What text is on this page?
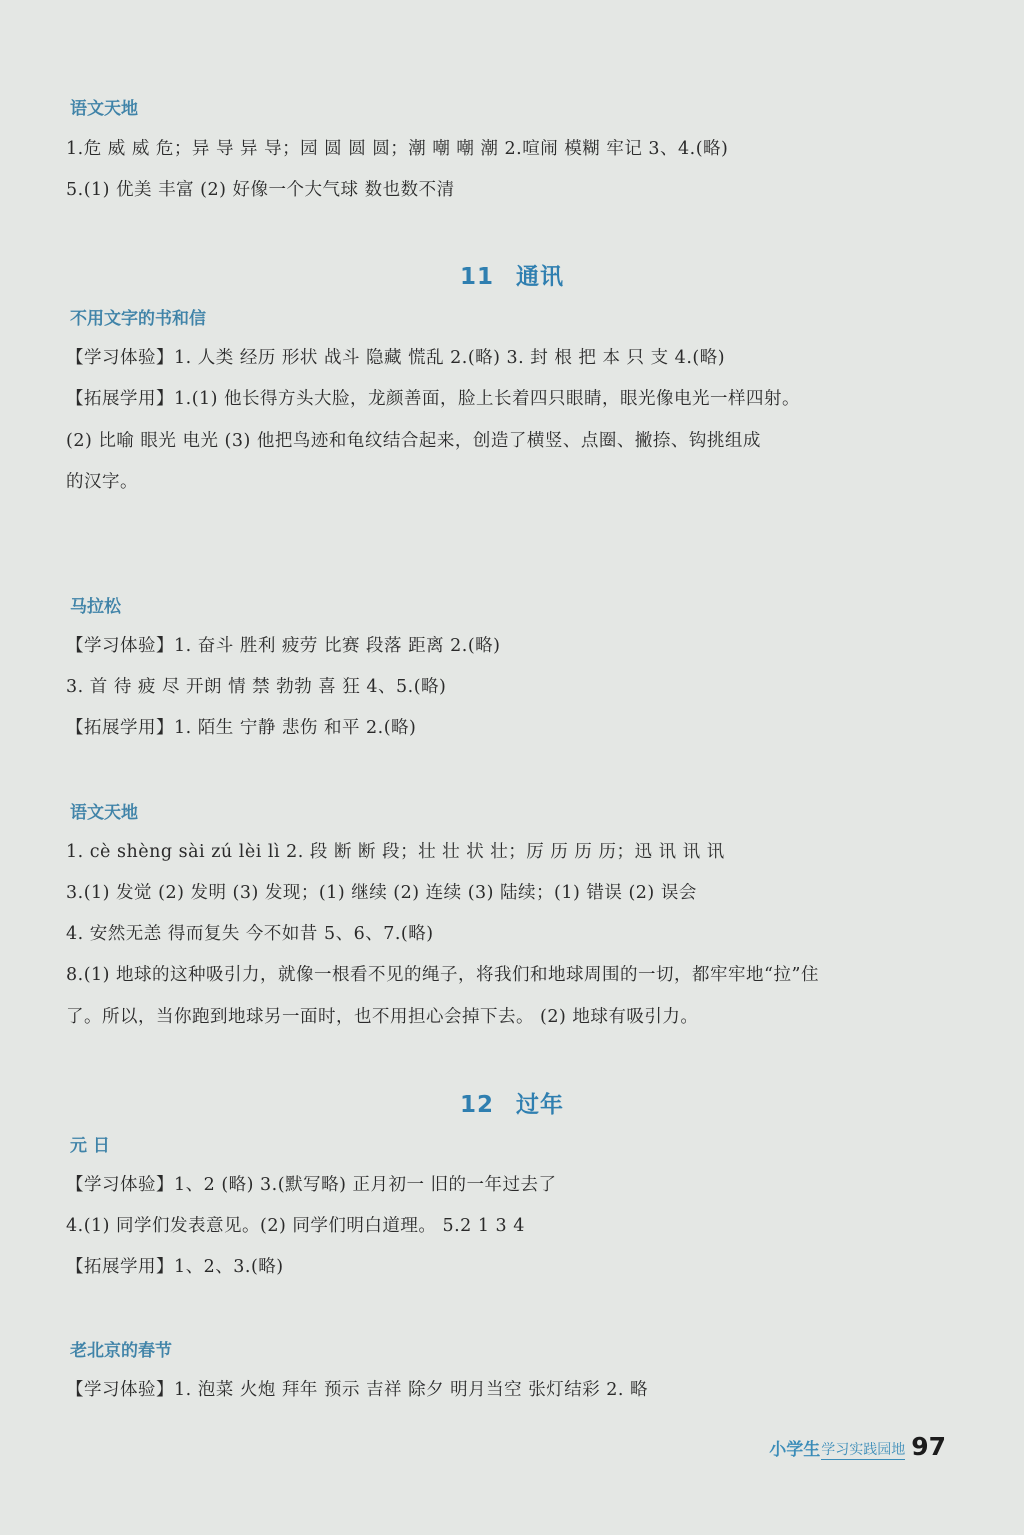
语文天地
1.危 威 威 危；异 导 异 导；园 圆 圆 圆；潮 嘲 嘲 潮 2.喧闹 模糊 牢记 3、4.(略)
5.(1) 优美 丰富 (2) 好像一个大气球 数也数不清
11 通讯
不用文字的书和信
【学习体验】1. 人类 经历 形状 战斗 隐藏 慌乱 2.(略) 3. 封 根 把 本 只 支 4.(略)
【拓展学用】1.(1) 他长得方头大脸，龙颜善面，脸上长着四只眼睛，眼光像电光一样四射。
(2) 比喻 眼光 电光 (3) 他把鸟迹和龟纹结合起来，创造了横竖、点圈、撇捺、钩挑组成
的汉字。
马拉松
【学习体验】1. 奋斗 胜利 疲劳 比赛 段落 距离 2.(略)
3. 首 待 疲 尽 开朗 情 禁 勃勃 喜 狂 4、5.(略)
【拓展学用】1. 陌生 宁静 悲伤 和平 2.(略)
语文天地
1. cè shèng sài zú lèi lì 2. 段 断 断 段；壮 壮 状 壮；厉 历 历 历；迅 讯 讯 讯
3.(1) 发觉 (2) 发明 (3) 发现；(1) 继续 (2) 连续 (3) 陆续；(1) 错误 (2) 误会
4. 安然无恙 得而复失 今不如昔 5、6、7.(略)
8.(1) 地球的这种吸引力，就像一根看不见的绳子，将我们和地球周围的一切，都牢牢地“拉”住
了。所以，当你跑到地球另一面时，也不用担心会掉下去。 (2) 地球有吸引力。
12 过年
元 日
【学习体验】1、2 (略) 3.(默写略) 正月初一 旧的一年过去了
4.(1) 同学们发表意见。(2) 同学们明白道理。 5.2 1 3 4
【拓展学用】1、2、3.(略)
老北京的春节
【学习体验】1. 泡菜 火炮 拜年 预示 吉祥 除夕 明月当空 张灯结彩 2. 略
小学生 学习实践园地 97
